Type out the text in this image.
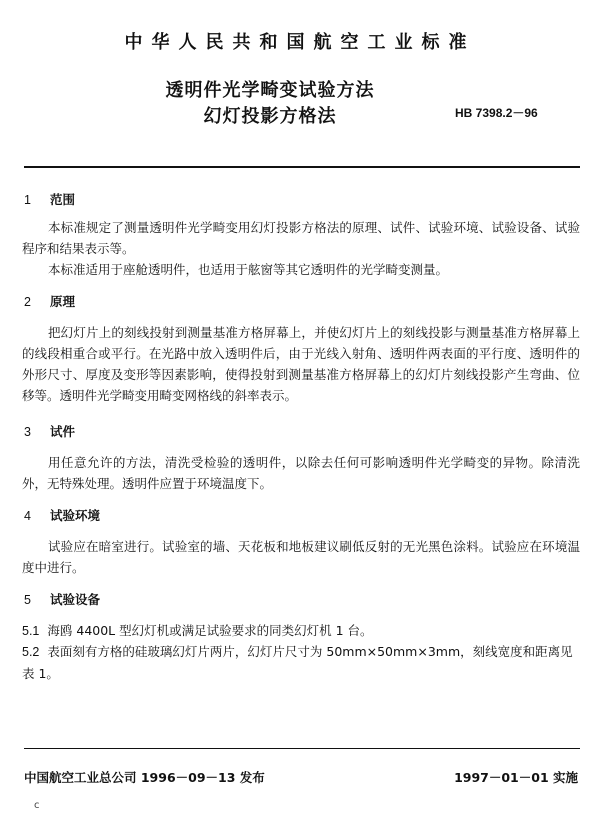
中华人民共和国航空工业标准
透明件光学畸变试验方法
幻灯投影方格法	HB 7398.2－96
1 范围
本标准规定了测量透明件光学畸变用幻灯投影方格法的原理、试件、试验环境、试验设备、试验程序和结果表示等。
本标准适用于座舱透明件，也适用于舷窗等其它透明件的光学畸变测量。
2 原理
把幻灯片上的刻线投射到测量基准方格屏幕上，并使幻灯片上的刻线投影与测量基准方格屏幕上的线段相重合或平行。在光路中放入透明件后，由于光线入射角、透明件两表面的平行度、透明件的外形尺寸、厚度及变形等因素影响，使得投射到测量基准方格屏幕上的幻灯片刻线投影产生弯曲、位移等。透明件光学畸变用畸变网格线的斜率表示。
3 试件
用任意允许的方法，清洗受检验的透明件，以除去任何可影响透明件光学畸变的异物。除清洗外，无特殊处理。透明件应置于环境温度下。
4 试验环境
试验应在暗室进行。试验室的墙、天花板和地板建议刷低反射的无光黑色涂料。试验应在环境温度中进行。
5 试验设备
5.1 海鸥 4400L 型幻灯机或满足试验要求的同类幻灯机 1 台。
5.2 表面刻有方格的硅玻璃幻灯片两片，幻灯片尺寸为 50mm×50mm×3mm，刻线宽度和距离见表 1。
中国航空工业总公司 1996－09－13 发布	1997－01－01 实施
c
